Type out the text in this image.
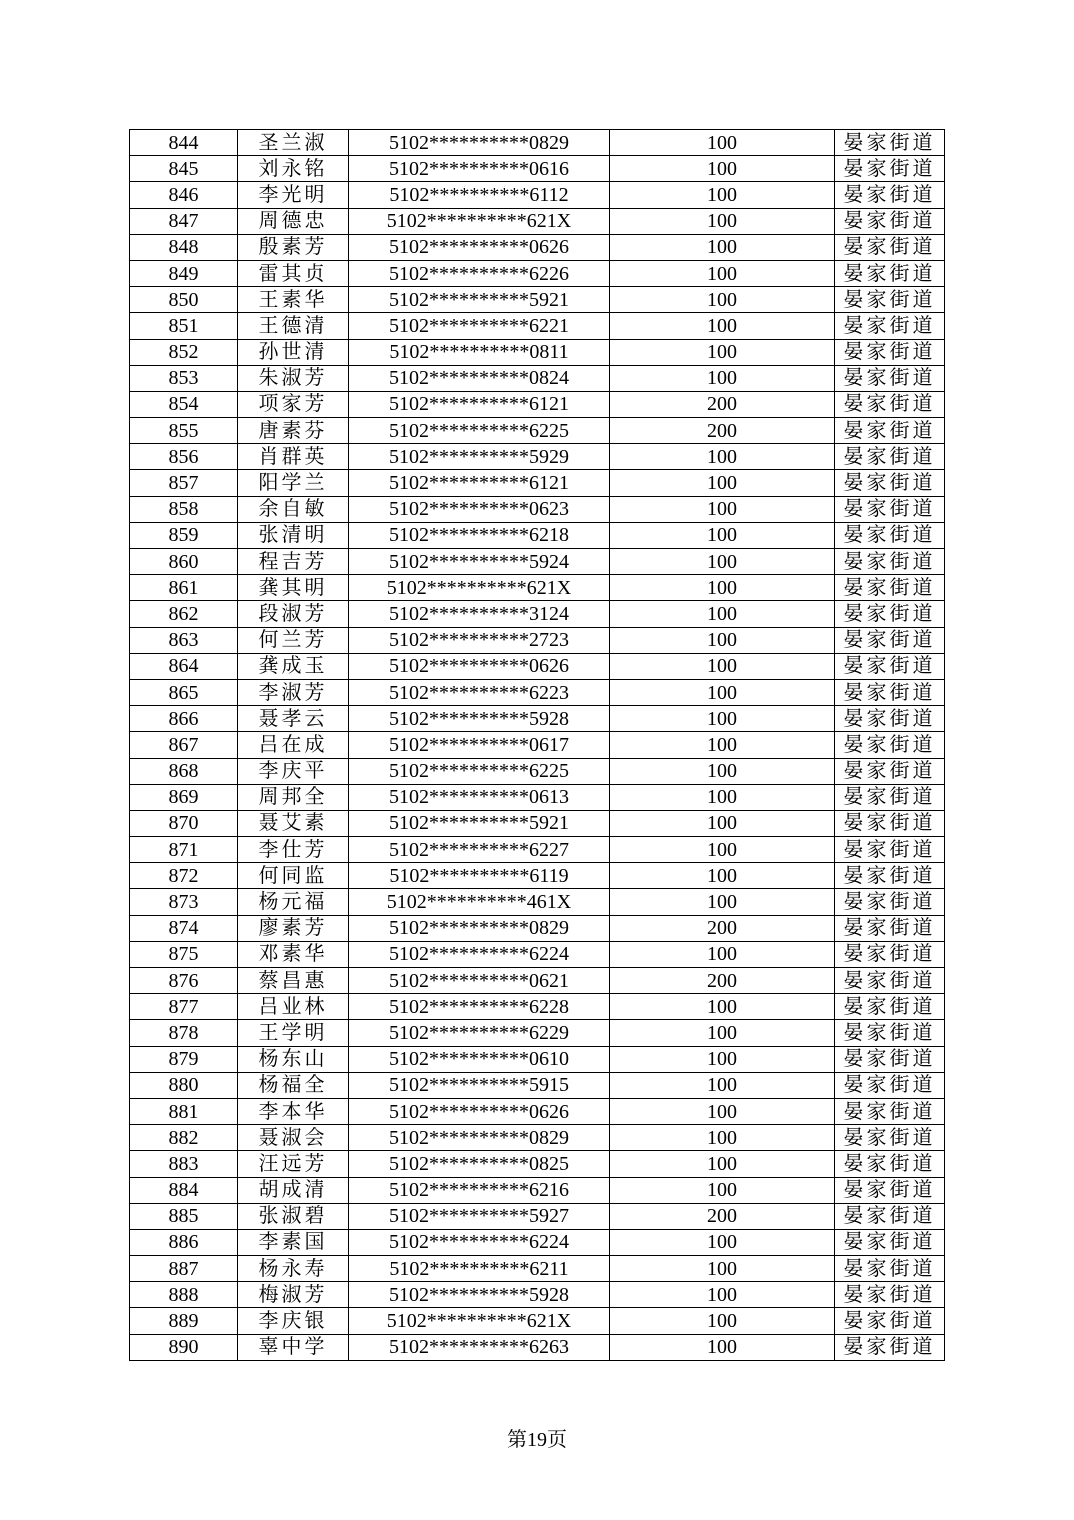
844	圣兰淑	5102**********0829	100	晏家街道
845	刘永铭	5102**********0616	100	晏家街道
846	李光明	5102**********6112	100	晏家街道
847	周德忠	5102**********621X	100	晏家街道
848	殷素芳	5102**********0626	100	晏家街道
849	雷其贞	5102**********6226	100	晏家街道
850	王素华	5102**********5921	100	晏家街道
851	王德清	5102**********6221	100	晏家街道
852	孙世清	5102**********0811	100	晏家街道
853	朱淑芳	5102**********0824	100	晏家街道
854	项家芳	5102**********6121	200	晏家街道
855	唐素芬	5102**********6225	200	晏家街道
856	肖群英	5102**********5929	100	晏家街道
857	阳学兰	5102**********6121	100	晏家街道
858	余自敏	5102**********0623	100	晏家街道
859	张清明	5102**********6218	100	晏家街道
860	程吉芳	5102**********5924	100	晏家街道
861	龚其明	5102**********621X	100	晏家街道
862	段淑芳	5102**********3124	100	晏家街道
863	何兰芳	5102**********2723	100	晏家街道
864	龚成玉	5102**********0626	100	晏家街道
865	李淑芳	5102**********6223	100	晏家街道
866	聂孝云	5102**********5928	100	晏家街道
867	吕在成	5102**********0617	100	晏家街道
868	李庆平	5102**********6225	100	晏家街道
869	周邦全	5102**********0613	100	晏家街道
870	聂艾素	5102**********5921	100	晏家街道
871	李仕芳	5102**********6227	100	晏家街道
872	何同监	5102**********6119	100	晏家街道
873	杨元福	5102**********461X	100	晏家街道
874	廖素芳	5102**********0829	200	晏家街道
875	邓素华	5102**********6224	100	晏家街道
876	蔡昌惠	5102**********0621	200	晏家街道
877	吕业林	5102**********6228	100	晏家街道
878	王学明	5102**********6229	100	晏家街道
879	杨东山	5102**********0610	100	晏家街道
880	杨福全	5102**********5915	100	晏家街道
881	李本华	5102**********0626	100	晏家街道
882	聂淑会	5102**********0829	100	晏家街道
883	汪远芳	5102**********0825	100	晏家街道
884	胡成清	5102**********6216	100	晏家街道
885	张淑碧	5102**********5927	200	晏家街道
886	李素国	5102**********6224	100	晏家街道
887	杨永寿	5102**********6211	100	晏家街道
888	梅淑芳	5102**********5928	100	晏家街道
889	李庆银	5102**********621X	100	晏家街道
890	辜中学	5102**********6263	100	晏家街道
第19页
